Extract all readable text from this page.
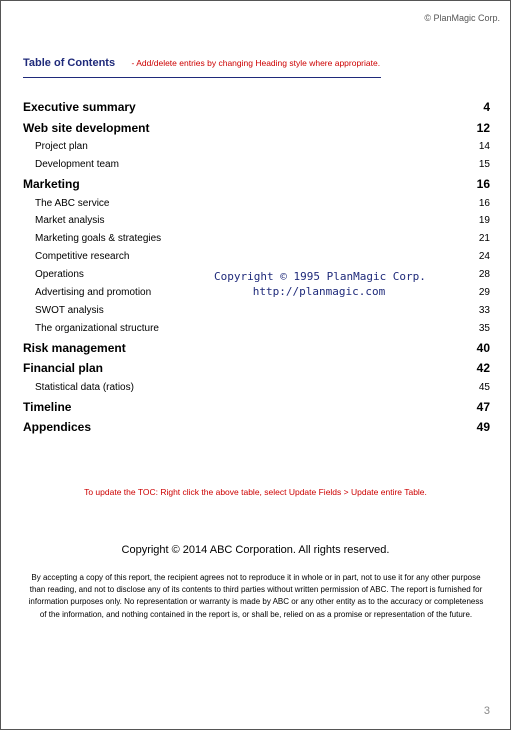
© PlanMagic Corp.
Table of Contents - Add/delete entries by changing Heading style where appropriate.
Executive summary	4
Web site development	12
Project plan	14
Development team	15
Marketing	16
The ABC service	16
Market analysis	19
Marketing goals & strategies	21
Competitive research	24
Operations	28
Advertising and promotion	29
SWOT analysis	33
The organizational structure	35
Risk management	40
Financial plan	42
Statistical data (ratios)	45
Timeline	47
Appendices	49
Copyright © 1995 PlanMagic Corp.
http://planmagic.com
To update the TOC: Right click the above table, select Update Fields > Update entire Table.
Copyright © 2014 ABC Corporation. All rights reserved.
By accepting a copy of this report, the recipient agrees not to reproduce it in whole or in part, not to use it for any other purpose than reading, and not to disclose any of its contents to third parties without written permission of ABC. The report is furnished for information purposes only. No representation or warranty is made by ABC or any other entity as to the accuracy or completeness of the information, and nothing contained in the report is, or shall be, relied on as a promise or representation of the future.
3
